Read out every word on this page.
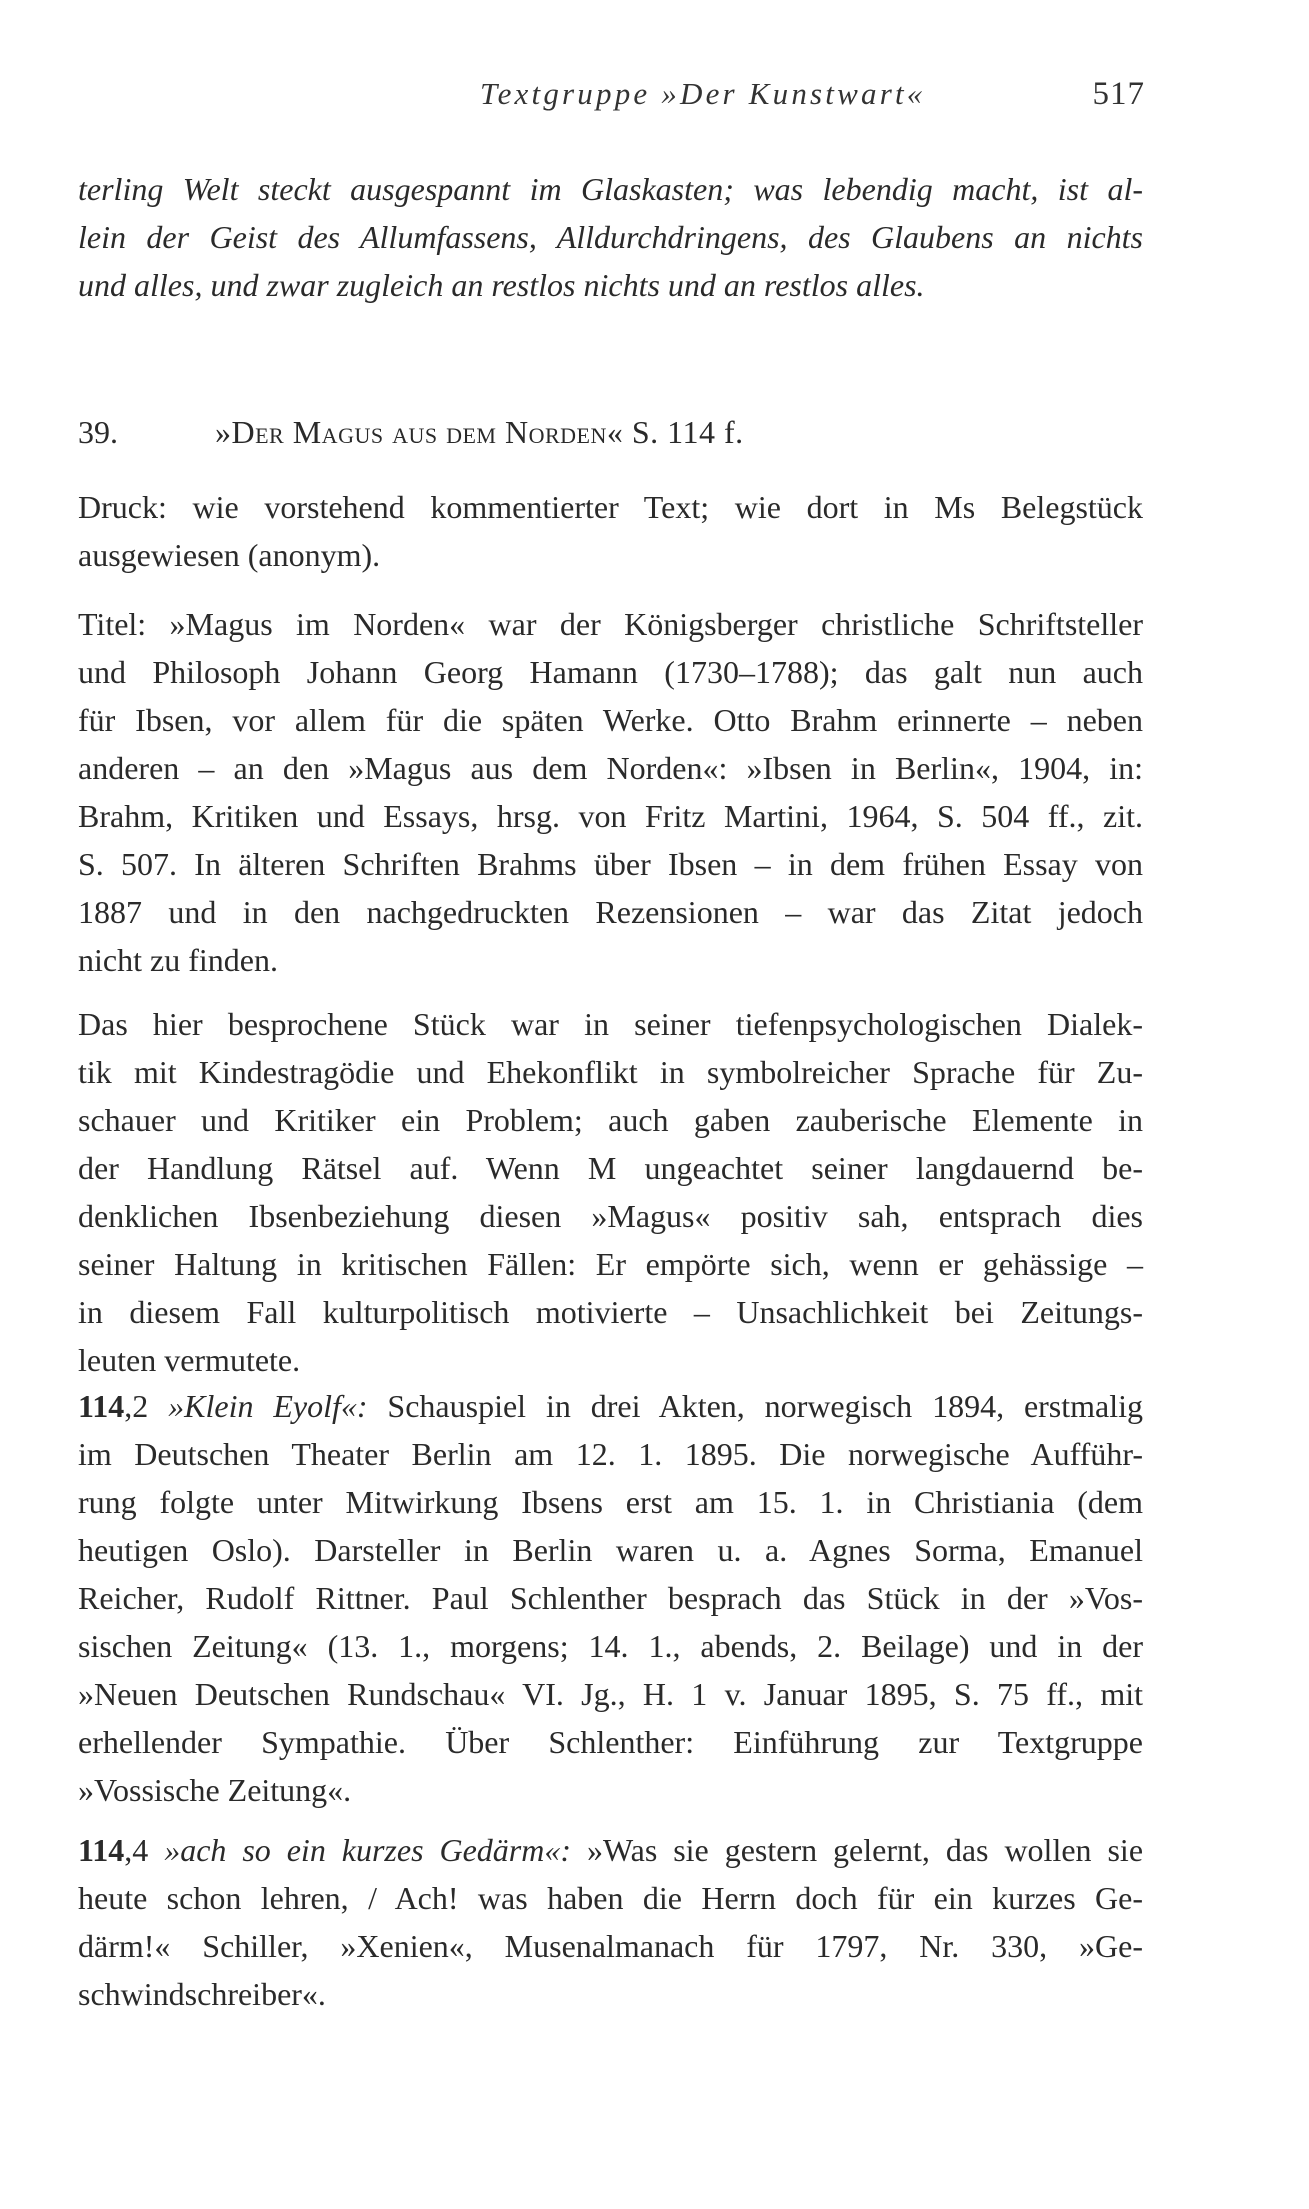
Textgruppe »Der Kunstwart«	517
terling Welt steckt ausgespannt im Glaskasten; was lebendig macht, ist al-
lein der Geist des Allumfassens, Alldurchdringens, des Glaubens an nichts
und alles, und zwar zugleich an restlos nichts und an restlos alles.
39.	»Der Magus aus dem Norden« S. 114 f.
Druck: wie vorstehend kommentierter Text; wie dort in Ms Belegstück
ausgewiesen (anonym).
Titel: »Magus im Norden« war der Königsberger christliche Schriftsteller
und Philosoph Johann Georg Hamann (1730–1788); das galt nun auch
für Ibsen, vor allem für die späten Werke. Otto Brahm erinnerte – neben
anderen – an den »Magus aus dem Norden«: »Ibsen in Berlin«, 1904, in:
Brahm, Kritiken und Essays, hrsg. von Fritz Martini, 1964, S. 504 ff., zit.
S. 507. In älteren Schriften Brahms über Ibsen – in dem frühen Essay von
1887 und in den nachgedruckten Rezensionen – war das Zitat jedoch
nicht zu finden.
Das hier besprochene Stück war in seiner tiefenpsychologischen Dialek-
tik mit Kindestragödie und Ehekonflikt in symbolreicher Sprache für Zu-
schauer und Kritiker ein Problem; auch gaben zauberische Elemente in
der Handlung Rätsel auf. Wenn M ungeachtet seiner langdauernd be-
denklichen Ibsenbeziehung diesen »Magus« positiv sah, entsprach dies
seiner Haltung in kritischen Fällen: Er empörte sich, wenn er gehässige –
in diesem Fall kulturpolitisch motivierte – Unsachlichkeit bei Zeitungs-
leuten vermutete.
114,2 »Klein Eyolf«: Schauspiel in drei Akten, norwegisch 1894, erstmalig
im Deutschen Theater Berlin am 12. 1. 1895. Die norwegische Aufführ-
rung folgte unter Mitwirkung Ibsens erst am 15. 1. in Christiania (dem
heutigen Oslo). Darsteller in Berlin waren u. a. Agnes Sorma, Emanuel
Reicher, Rudolf Rittner. Paul Schlenther besprach das Stück in der »Vos-
sischen Zeitung« (13. 1., morgens; 14. 1., abends, 2. Beilage) und in der
»Neuen Deutschen Rundschau« VI. Jg., H. 1 v. Januar 1895, S. 75 ff., mit
erhellender Sympathie. Über Schlenther: Einführung zur Textgruppe
»Vossische Zeitung«.
114,4 »ach so ein kurzes Gedärm«: »Was sie gestern gelernt, das wollen sie
heute schon lehren, / Ach! was haben die Herrn doch für ein kurzes Ge-
därm!« Schiller, »Xenien«, Musenalmanach für 1797, Nr. 330, »Ge-
schwindschreiber«.
